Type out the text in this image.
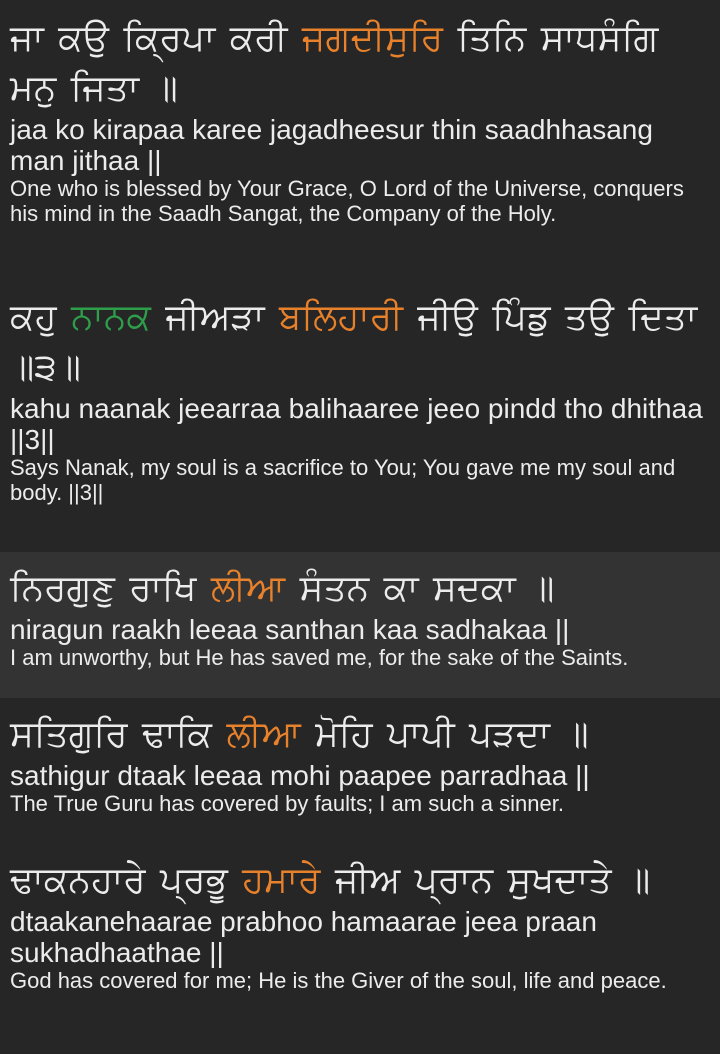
ਜਾ ਕਉ ਕ੍ਰਿਪਾ ਕਰੀ ਜਗਦੀਸੁਰਿ ਤਿਨਿ ਸਾਧਸੰਗਿ ਮਨੁ ਜਿਤਾ ॥

jaa ko kirapaa karee jagadheesur thin saadhhasang man jithaa ||

One who is blessed by Your Grace, O Lord of the Universe, conquers his mind in the Saadh Sangat, the Company of the Holy.

ਕਹੁ ਨਾਨਕ ਜੀਅੜਾ ਬਲਿਹਾਰੀ ਜੀਉ ਪਿੰਡੁ ਤਉ ਦਿਤਾ ॥੩॥

kahu naanak jeearraa balihaaree jeeo pindd tho dhithaa ||3||

Says Nanak, my soul is a sacrifice to You; You gave me my soul and body. ||3||

ਨਿਰਗੁਣੁ ਰਾਖਿ ਲੀਆ ਸੰਤਨ ਕਾ ਸਦਕਾ ॥

niragun raakh leeaa santhan kaa sadhakaa ||

I am unworthy, but He has saved me, for the sake of the Saints.

ਸਤਿਗੁਰਿ ਢਾਕਿ ਲੀਆ ਮੋਹਿ ਪਾਪੀ ਪੜਦਾ ॥

sathigur dtaak leeaa mohi paapee parradhaa ||

The True Guru has covered by faults; I am such a sinner.

ਢਾਕਨਹਾਰੇ ਪ੍ਰਭੂ ਹਮਾਰੇ ਜੀਅ ਪ੍ਰਾਨ ਸੁਖਦਾਤੇ ॥

dtaakanehaarae prabhoo hamaarae jeea praan sukhadhaathae ||

God has covered for me; He is the Giver of the soul, life and peace.
